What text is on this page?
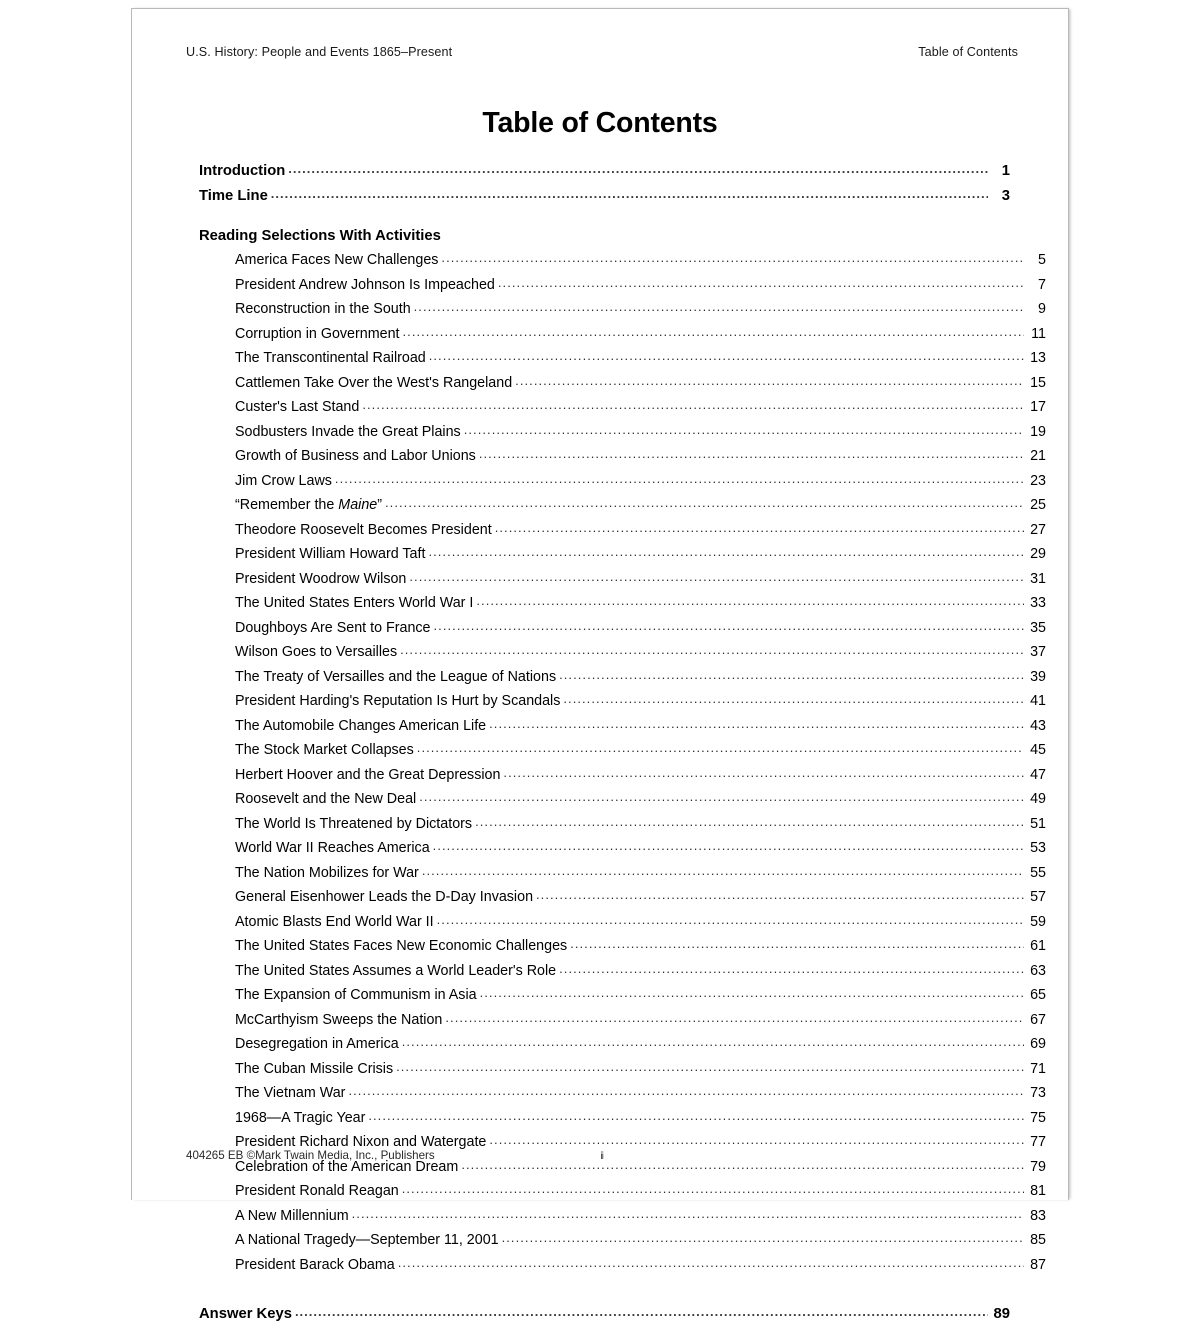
U.S. History: People and Events 1865–Present	Table of Contents
Table of Contents
Introduction .....	1
Time Line .....	3
Reading Selections With Activities
America Faces New Challenges .....	5
President Andrew Johnson Is Impeached .....	7
Reconstruction in the South .....	9
Corruption in Government .....	11
The Transcontinental Railroad .....	13
Cattlemen Take Over the West's Rangeland .....	15
Custer's Last Stand .....	17
Sodbusters Invade the Great Plains .....	19
Growth of Business and Labor Unions .....	21
Jim Crow Laws .....	23
“Remember the Maine” .....	25
Theodore Roosevelt Becomes President .....	27
President William Howard Taft .....	29
President Woodrow Wilson .....	31
The United States Enters World War I .....	33
Doughboys Are Sent to France .....	35
Wilson Goes to Versailles .....	37
The Treaty of Versailles and the League of Nations .....	39
President Harding's Reputation Is Hurt by Scandals .....	41
The Automobile Changes American Life .....	43
The Stock Market Collapses .....	45
Herbert Hoover and the Great Depression .....	47
Roosevelt and the New Deal .....	49
The World Is Threatened by Dictators .....	51
World War II Reaches America .....	53
The Nation Mobilizes for War .....	55
General Eisenhower Leads the D-Day Invasion .....	57
Atomic Blasts End World War II .....	59
The United States Faces New Economic Challenges .....	61
The United States Assumes a World Leader's Role .....	63
The Expansion of Communism in Asia .....	65
McCarthyism Sweeps the Nation .....	67
Desegregation in America .....	69
The Cuban Missile Crisis .....	71
The Vietnam War .....	73
1968—A Tragic Year .....	75
President Richard Nixon and Watergate .....	77
Celebration of the American Dream .....	79
President Ronald Reagan .....	81
A New Millennium .....	83
A National Tragedy—September 11, 2001 .....	85
President Barack Obama .....	87
Answer Keys .....	89
404265 EB ©Mark Twain Media, Inc., Publishers	ii
